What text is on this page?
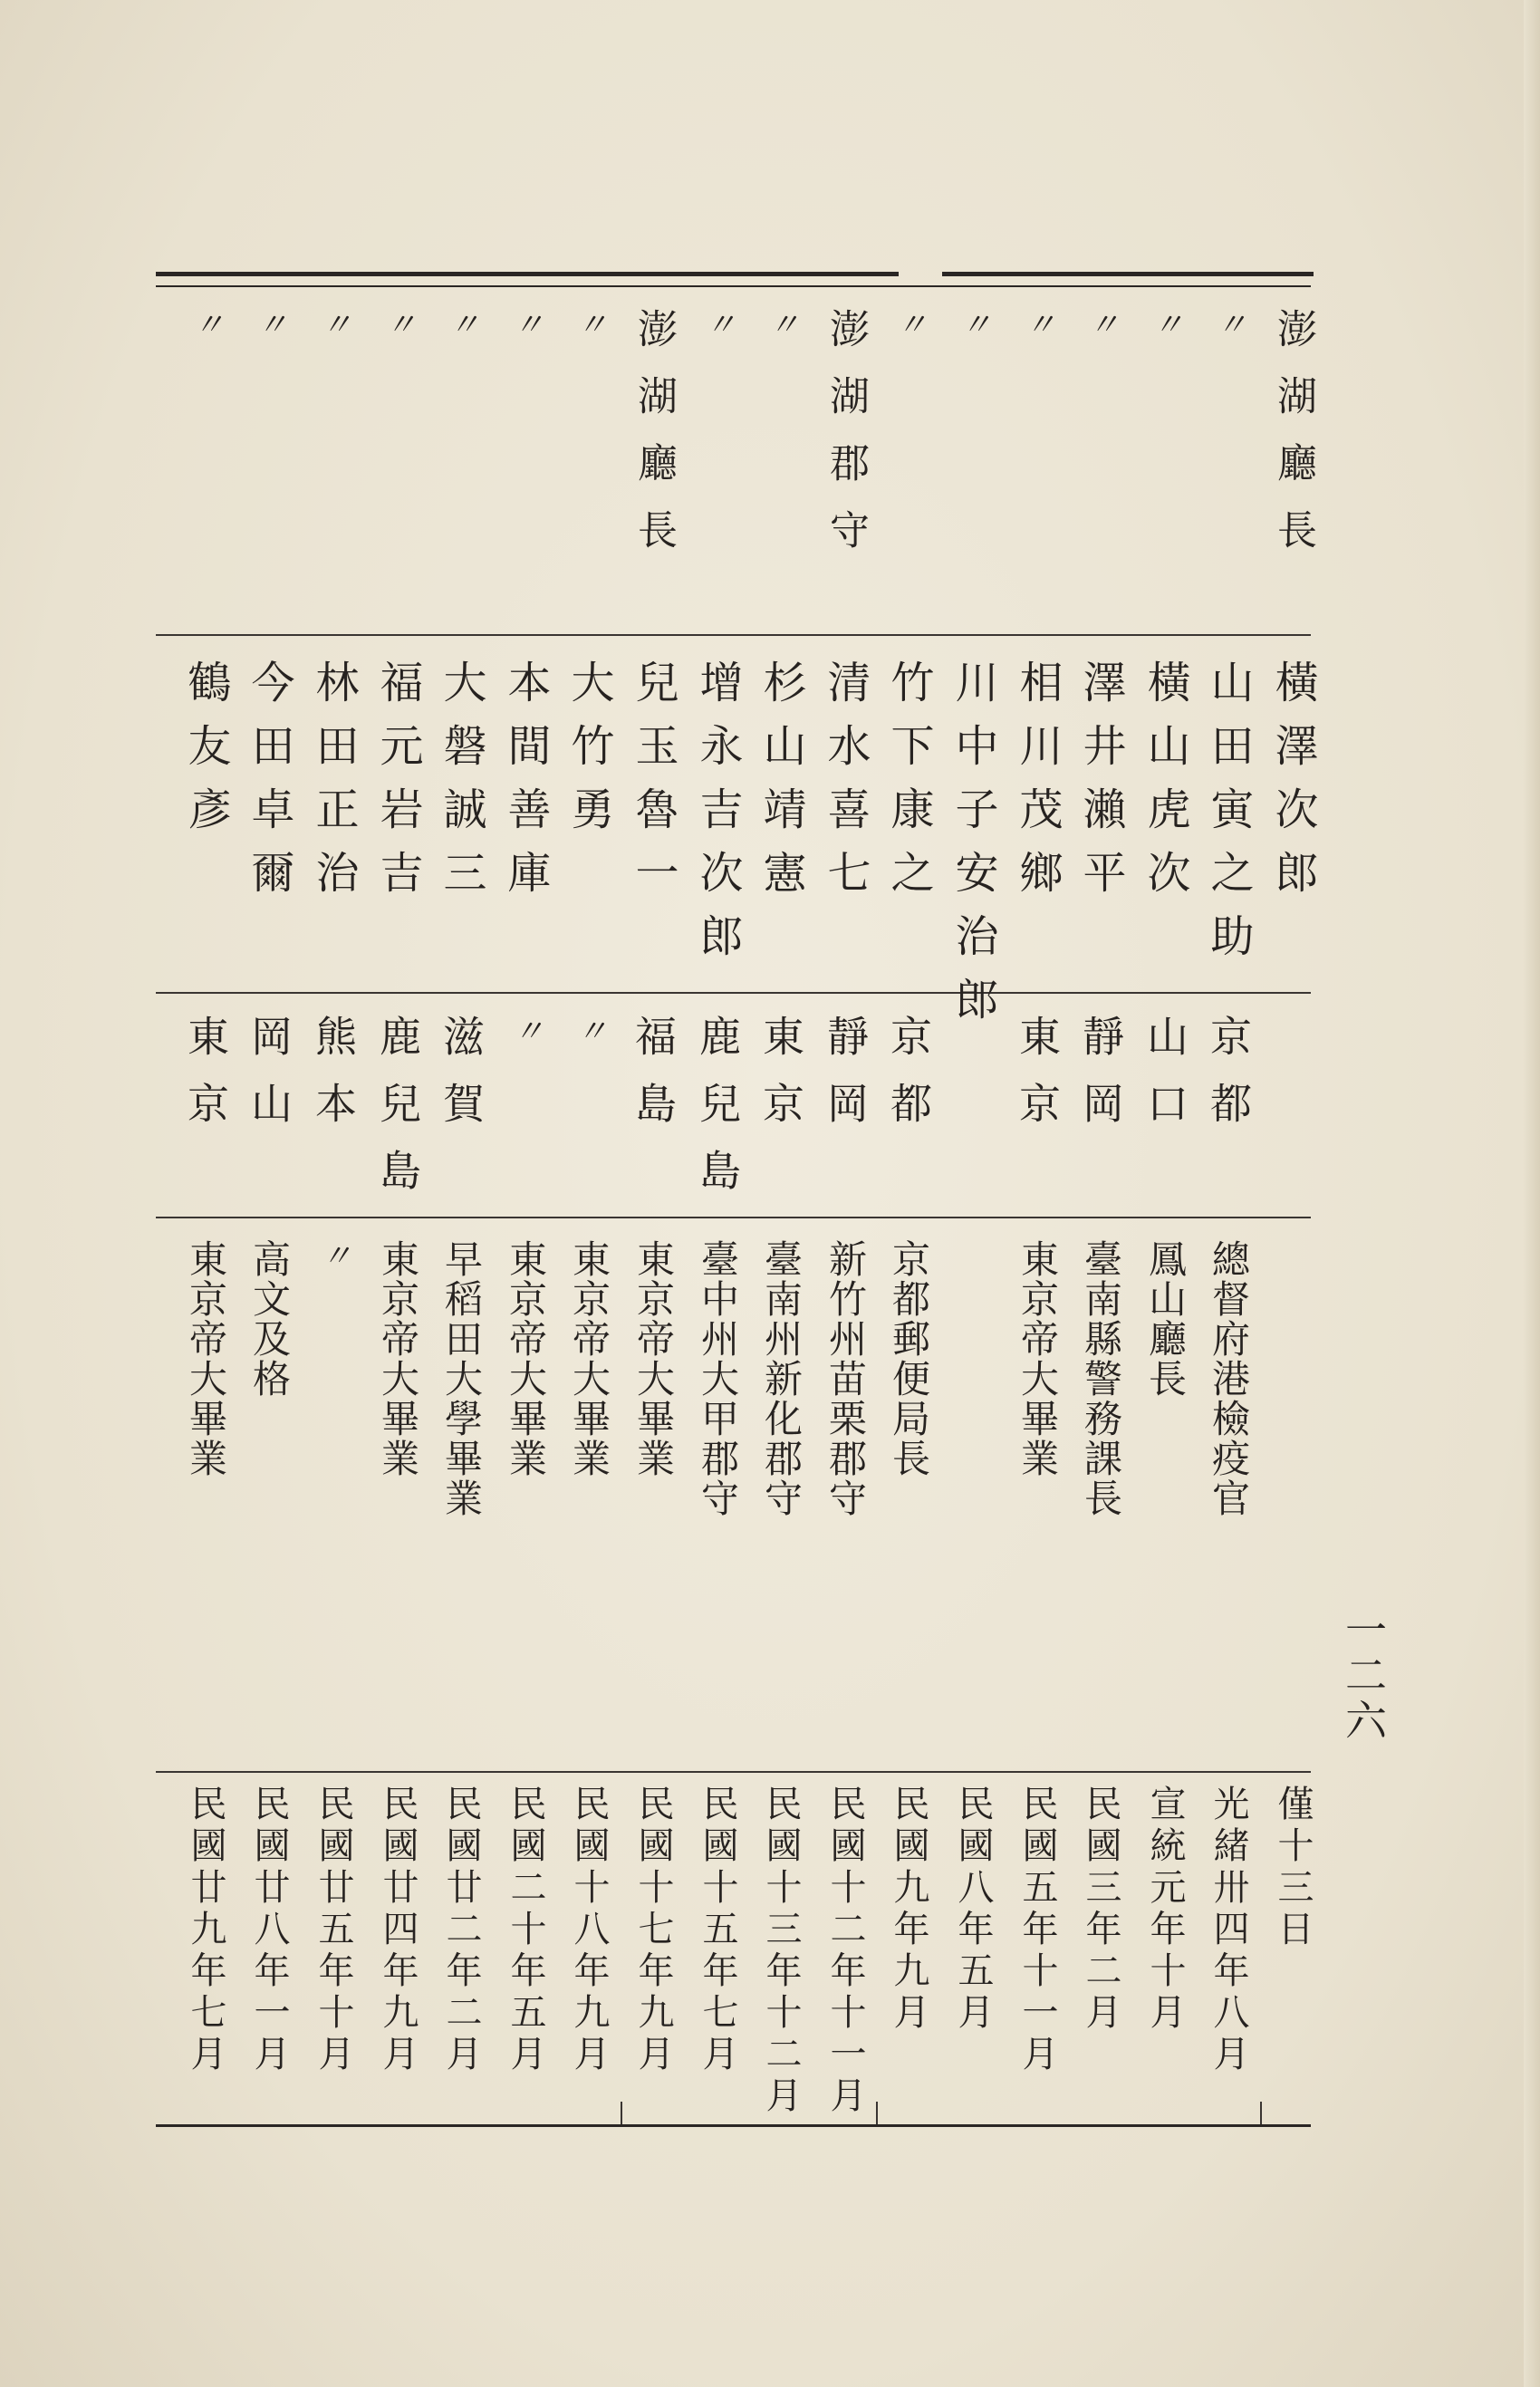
澎湖廳長
橫澤次郎
僅十三日
〃
山田寅之助
京都
總督府港檢疫官
光緒卅四年八月
〃
橫山虎次
山口
鳳山廳長
宣統元年十月
〃
澤井瀨平
靜岡
臺南縣警務課長
民國三年二月
〃
相川茂鄉
東京
東京帝大畢業
民國五年十一月
〃
川中子安治郎
民國八年五月
〃
竹下康之
京都
京都郵便局長
民國九年九月
澎湖郡守
清水喜七
靜岡
新竹州苗栗郡守
民國十二年十一月
〃
杉山靖憲
東京
臺南州新化郡守
民國十三年十二月
〃
增永吉次郎
鹿兒島
臺中州大甲郡守
民國十五年七月
澎湖廳長
兒玉魯一
福島
東京帝大畢業
民國十七年九月
〃
大竹勇
〃
東京帝大畢業
民國十八年九月
〃
本間善庫
〃
東京帝大畢業
民國二十年五月
〃
大磐誠三
滋賀
早稻田大學畢業
民國廿二年二月
〃
福元岩吉
鹿兒島
東京帝大畢業
民國廿四年九月
〃
林田正治
熊本
〃
民國廿五年十月
〃
今田卓爾
岡山
高文及格
民國廿八年一月
〃
鶴友彥
東京
東京帝大畢業
民國廿九年七月
一二六
